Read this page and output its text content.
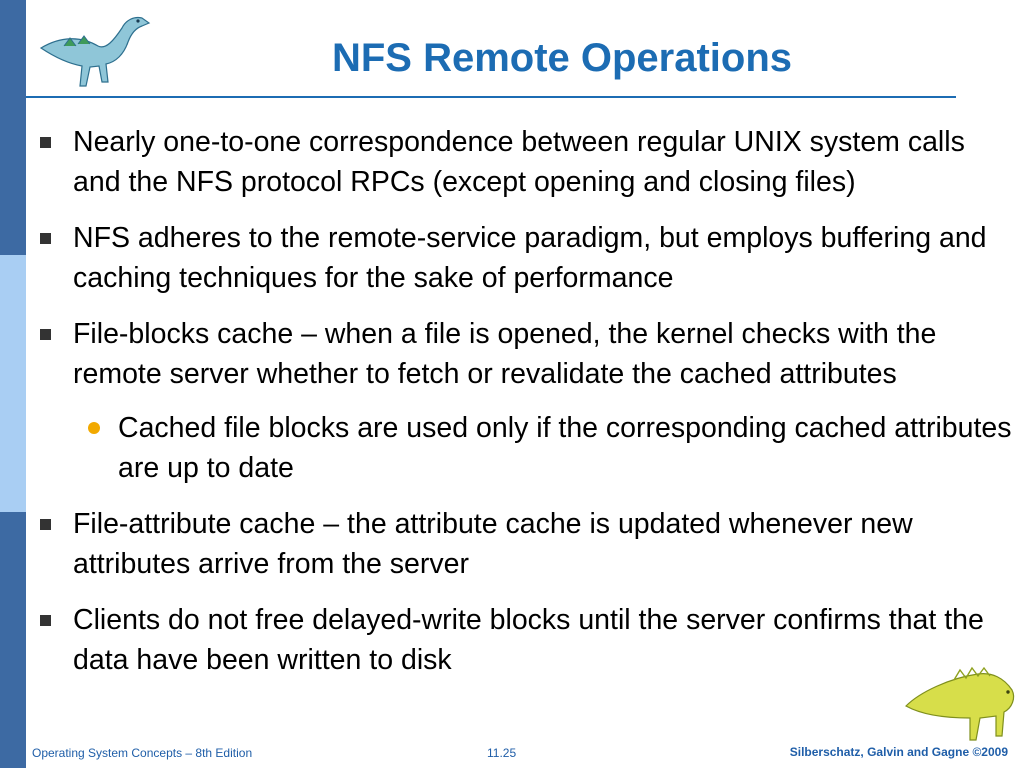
NFS Remote Operations
Nearly one-to-one correspondence between regular UNIX system calls and the NFS protocol RPCs (except opening and closing files)
NFS adheres to the remote-service paradigm, but employs buffering and caching techniques for the sake of performance
File-blocks cache – when a file is opened, the kernel checks with the remote server whether to fetch or revalidate the cached attributes
Cached file blocks are used only if the corresponding cached attributes are up to date
File-attribute cache – the attribute cache is updated whenever new attributes arrive from the server
Clients do not free delayed-write blocks until the server confirms that the data have been written to disk
Operating System Concepts – 8th Edition	11.25	Silberschatz, Galvin and Gagne ©2009
